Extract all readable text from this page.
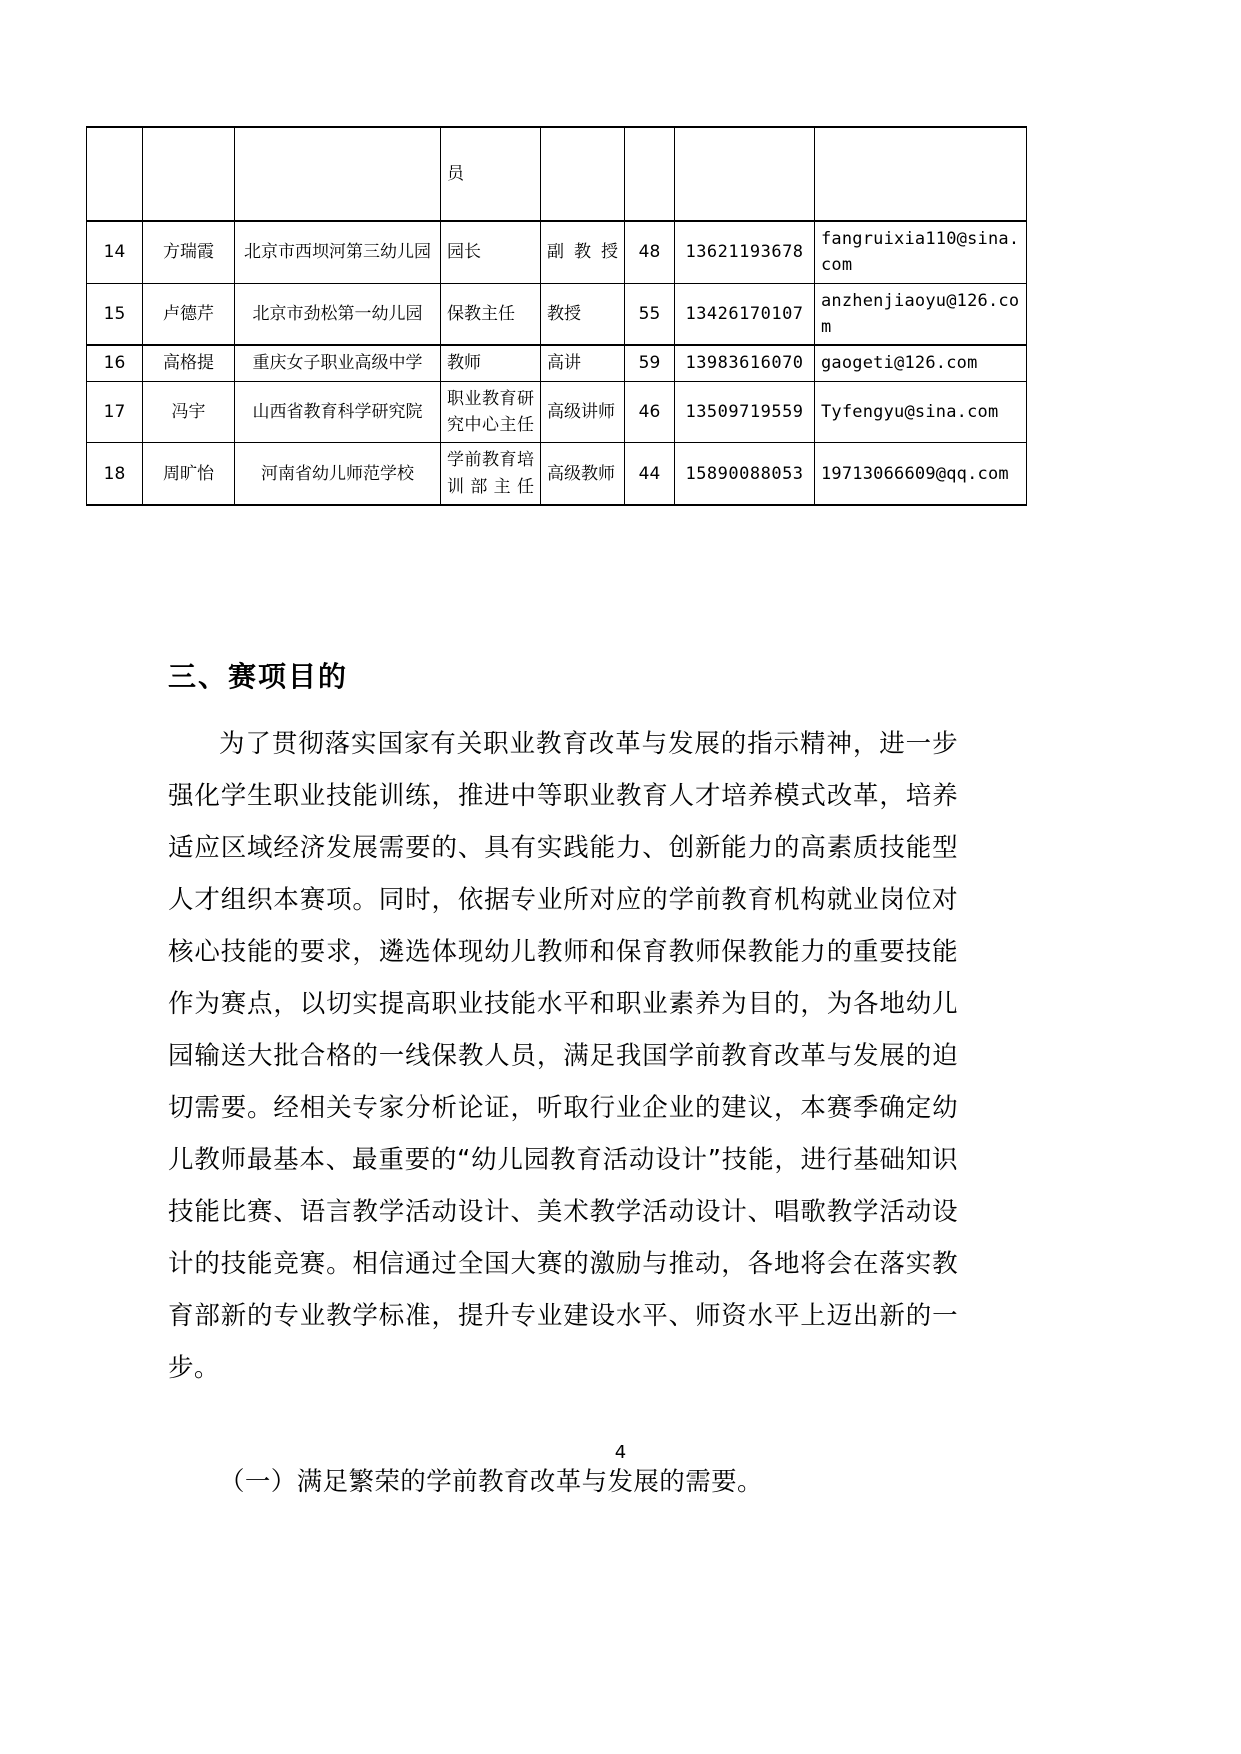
			员				
14	方瑞霞	北京市西坝河第三幼儿园	园长	副教授	48	13621193678	fangruixia110@sina.com
15	卢德芹	北京市劲松第一幼儿园	保教主任	教授	55	13426170107	anzhenjiaoyu@126.com
16	高格提	重庆女子职业高级中学	教师	高讲	59	13983616070	gaogeti@126.com
17	冯宇	山西省教育科学研究院	职业教育研究中心主任	高级讲师	46	13509719559	Tyfengyu@sina.com
18	周旷怡	河南省幼儿师范学校	学前教育培训部主任	高级教师	44	15890088053	19713066609@qq.com
三、赛项目的

为了贯彻落实国家有关职业教育改革与发展的指示精神，进一步强化学生职业技能训练，推进中等职业教育人才培养模式改革，培养适应区域经济发展需要的、具有实践能力、创新能力的高素质技能型人才组织本赛项。同时，依据专业所对应的学前教育机构就业岗位对核心技能的要求，遴选体现幼儿教师和保育教师保教能力的重要技能作为赛点，以切实提高职业技能水平和职业素养为目的，为各地幼儿园输送大批合格的一线保教人员，满足我国学前教育改革与发展的迫切需要。经相关专家分析论证，听取行业企业的建议，本赛季确定幼儿教师最基本、最重要的“幼儿园教育活动设计”技能，进行基础知识技能比赛、语言教学活动设计、美术教学活动设计、唱歌教学活动设计的技能竞赛。相信通过全国大赛的激励与推动，各地将会在落实教育部新的专业教学标准，提升专业建设水平、师资水平上迈出新的一步。

（一）满足繁荣的学前教育改革与发展的需要。

4
